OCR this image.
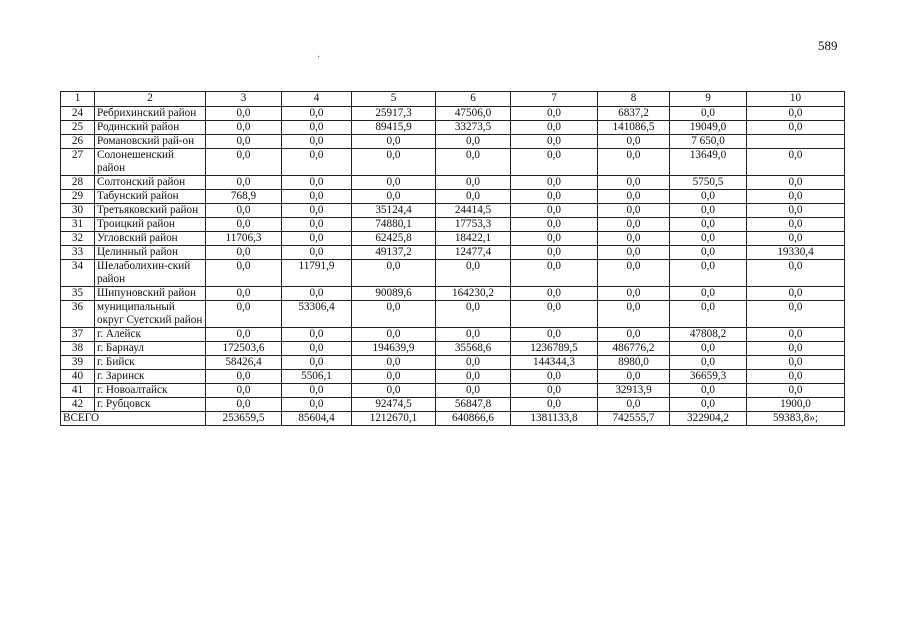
589
·
1	2	3	4	5	6	7	8	9	10
24	Ребрихинский район	0,0	0,0	25917,3	47506,0	0,0	6837,2	0,0	0,0
25	Родинский район	0,0	0,0	89415,9	33273,5	0,0	141086,5	19049,0	0,0
26	Романовский рай-он	0,0	0,0	0,0	0,0	0,0	0,0	7 650,0	
27	Солонешенский район	0,0	0,0	0,0	0,0	0,0	0,0	13649,0	0,0
28	Солтонский район	0,0	0,0	0,0	0,0	0,0	0,0	5750,5	0,0
29	Табунский район	768,9	0,0	0,0	0,0	0,0	0,0	0,0	0,0
30	Третьяковский район	0,0	0,0	35124,4	24414,5	0,0	0,0	0,0	0,0
31	Троицкий район	0,0	0,0	74880,1	17753,3	0,0	0,0	0,0	0,0
32	Угловский район	11706,3	0,0	62425,8	18422,1	0,0	0,0	0,0	0,0
33	Целинный район	0,0	0,0	49137,2	12477,4	0,0	0,0	0,0	19330,4
34	Шелаболихин-ский район	0,0	11791,9	0,0	0,0	0,0	0,0	0,0	0,0
35	Шипуновский район	0,0	0,0	90089,6	164230,2	0,0	0,0	0,0	0,0
36	муниципальный округ Суетский район	0,0	53306,4	0,0	0,0	0,0	0,0	0,0	0,0
37	г. Алейск	0,0	0,0	0,0	0,0	0,0	0,0	47808,2	0,0
38	г. Барнаул	172503,6	0,0	194639,9	35568,6	1236789,5	486776,2	0,0	0,0
39	г. Бийск	58426,4	0,0	0,0	0,0	144344,3	8980,0	0,0	0,0
40	г. Заринск	0,0	5506,1	0,0	0,0	0,0	0,0	36659,3	0,0
41	г. Новоалтайск	0,0	0,0	0,0	0,0	0,0	32913,9	0,0	0,0
42	г. Рубцовск	0,0	0,0	92474,5	56847,8	0,0	0,0	0,0	1900,0
ВСЕГО		253659,5	85604,4	1212670,1	640866,6	1381133,8	742555,7	322904,2	59383,8»;
